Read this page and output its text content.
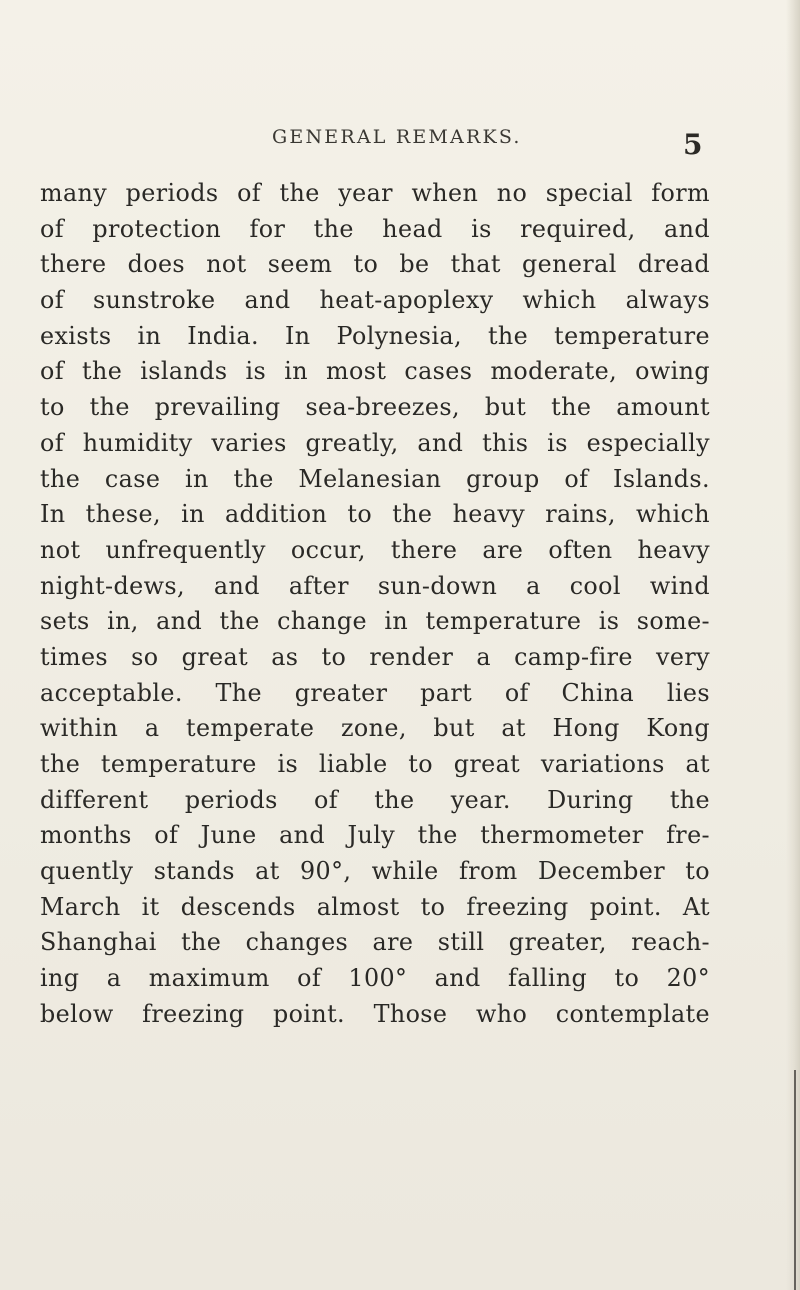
GENERAL REMARKS.	5
many periods of the year when no special form
of protection for the head is required, and
there does not seem to be that general dread
of sunstroke and heat-apoplexy which always
exists in India. In Polynesia, the temperature
of the islands is in most cases moderate, owing
to the prevailing sea-breezes, but the amount
of humidity varies greatly, and this is especially
the case in the Melanesian group of Islands.
In these, in addition to the heavy rains, which
not unfrequently occur, there are often heavy
night-dews, and after sun-down a cool wind
sets in, and the change in temperature is some-
times so great as to render a camp-fire very
acceptable. The greater part of China lies
within a temperate zone, but at Hong Kong
the temperature is liable to great variations at
different periods of the year. During the
months of June and July the thermometer fre-
quently stands at 90°, while from December to
March it descends almost to freezing point. At
Shanghai the changes are still greater, reach-
ing a maximum of 100° and falling to 20°
below freezing point. Those who contemplate
